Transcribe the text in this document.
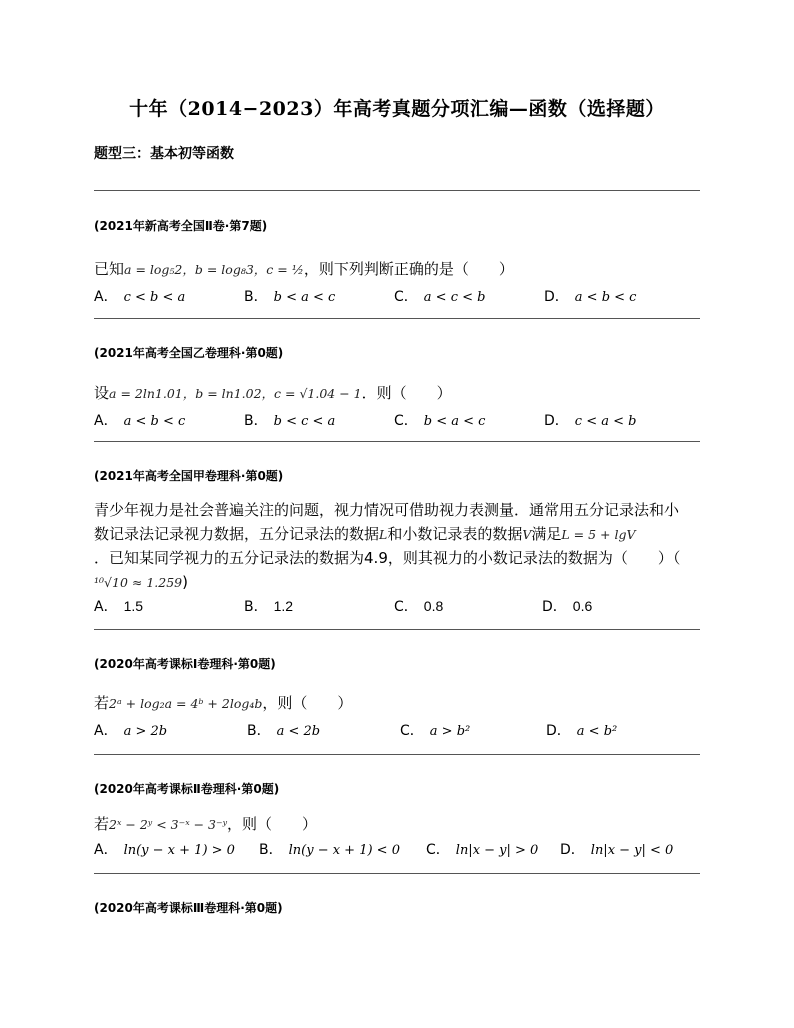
十年（2014−2023）年高考真题分项汇编—函数（选择题）
题型三：基本初等函数
(2021年新高考全国Ⅱ卷·第7题)
已知a = log₅2，b = log₈3，c = ½，则下列判断正确的是（　　）
A． c < b < a	B． b < a < c	C． a < c < b	D． a < b < c
(2021年高考全国乙卷理科·第0题)
设a = 2ln1.01，b = ln1.02，c = √1.04 − 1．则（　　）
A． a < b < c	B． b < c < a	C． b < a < c	D． c < a < b
(2021年高考全国甲卷理科·第0题)
青少年视力是社会普遍关注的问题，视力情况可借助视力表测量．通常用五分记录法和小
数记录法记录视力数据，五分记录法的数据L和小数记录表的数据V满足L = 5 + lgV
．已知某同学视力的五分记录法的数据为4.9，则其视力的小数记录法的数据为（　　）（
¹⁰√10 ≈ 1.259)
A． 1.5	B． 1.2	C． 0.8	D． 0.6
(2020年高考课标Ⅰ卷理科·第0题)
若2ᵃ + log₂a = 4ᵇ + 2log₄b，则（　　）
A． a > 2b	B． a < 2b	C． a > b²	D． a < b²
(2020年高考课标Ⅱ卷理科·第0题)
若2ˣ − 2ʸ < 3⁻ˣ − 3⁻ʸ，则（　　）
A． ln(y − x + 1) > 0 B． ln(y − x + 1) < 0 C． ln|x − y| > 0 D． ln|x − y| < 0
(2020年高考课标Ⅲ卷理科·第0题)
